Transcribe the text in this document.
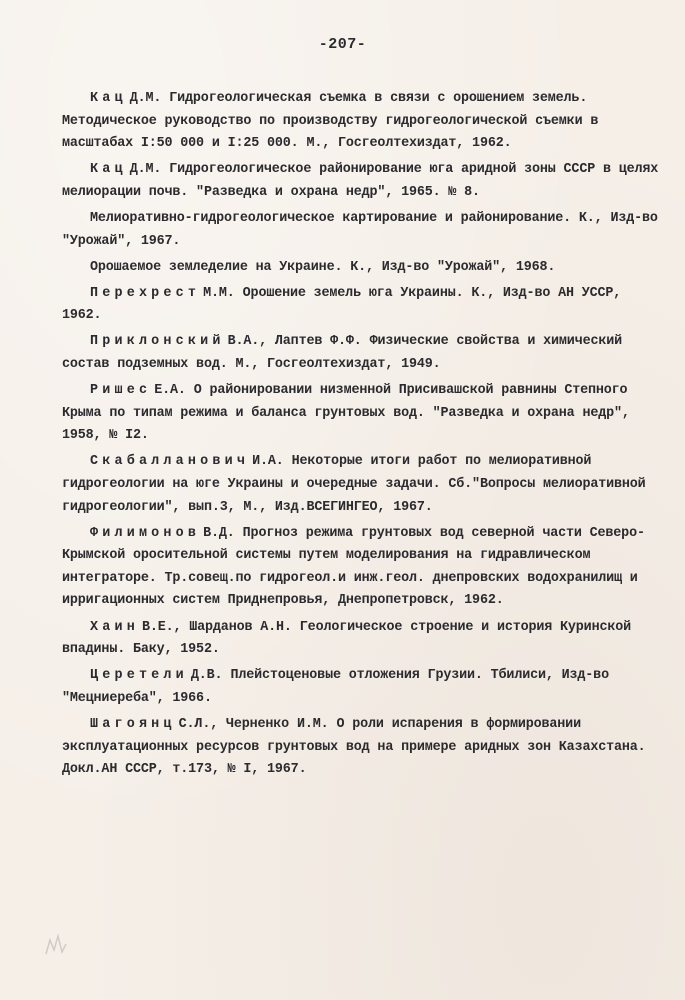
-207-

Кац Д.М. Гидрогеологическая съемка в связи с орошением земель. Методическое руководство по производству гидрогеологической съемки в масштабах I:50 000 и I:25 000. М., Госгеолтехиздат, 1962.

Кац Д.М. Гидрогеологическое районирование юга аридной зоны СССР в целях мелиорации почв. "Разведка и охрана недр", 1965. № 8.

Мелиоративно-гидрогеологическое картирование и районирование. К., Изд-во "Урожай", 1967.

Орошаемое земледелие на Украине. К., Изд-во "Урожай", 1968.

Перехрест М.М. Орошение земель юга Украины. К., Изд-во АН УССР, 1962.

Приклонский В.А., Лаптев Ф.Ф. Физические свойства и химический состав подземных вод. М., Госгеолтехиздат, 1949.

Ришес Е.А. О районировании низменной Присивашской равнины Степного Крыма по типам режима и баланса грунтовых вод. "Разведка и охрана недр", 1958, № I2.

Скабалланович И.А. Некоторые итоги работ по мелиоративной гидрогеологии на юге Украины и очередные задачи. Сб."Вопросы мелиоративной гидрогеологии", вып.3, М., Изд.ВСЕГИНГЕО, 1967.

Филимонов В.Д. Прогноз режима грунтовых вод северной части Северо-Крымской оросительной системы путем моделирования на гидравлическом интеграторе. Тр.совещ.по гидрогеол.и инж.геол. днепровских водохранилищ и ирригационных систем Приднепровья, Днепропетровск, 1962.

Хаин В.Е., Шарданов А.Н. Геологическое строение и история Куринской впадины. Баку, 1952.

Церетели Д.В. Плейстоценовые отложения Грузии. Тбилиси, Изд-во "Мецниереба", 1966.

Шагоянц С.Л., Черненко И.М. О роли испарения в формировании эксплуатационных ресурсов грунтовых вод на примере аридных зон Казахстана. Докл.АН СССР, т.173, № I, 1967.
